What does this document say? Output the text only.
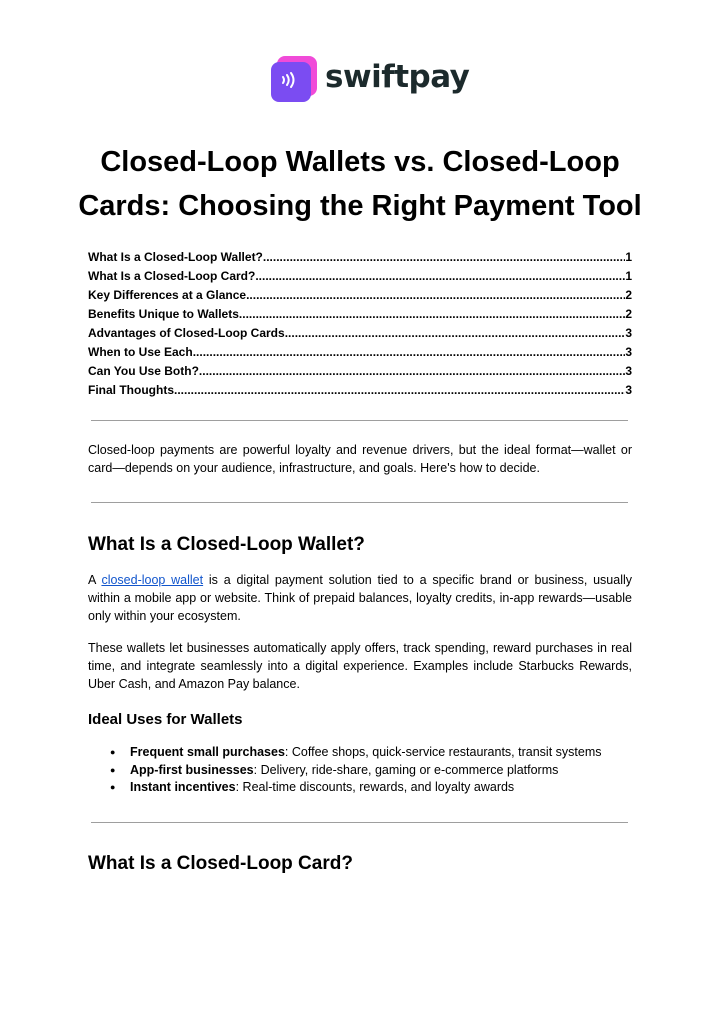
swiftpay
Closed-Loop Wallets vs. Closed-Loop Cards: Choosing the Right Payment Tool
What Is a Closed-Loop Wallet? .....	1
What Is a Closed-Loop Card? .....	1
Key Differences at a Glance .....	2
Benefits Unique to Wallets .....	2
Advantages of Closed-Loop Cards .....	3
When to Use Each .....	3
Can You Use Both? .....	3
Final Thoughts .....	3

Closed-loop payments are powerful loyalty and revenue drivers, but the ideal format—wallet or card—depends on your audience, infrastructure, and goals. Here's how to decide.

What Is a Closed-Loop Wallet?

A closed-loop wallet is a digital payment solution tied to a specific brand or business, usually within a mobile app or website. Think of prepaid balances, loyalty credits, in-app rewards—usable only within your ecosystem.

These wallets let businesses automatically apply offers, track spending, reward purchases in real time, and integrate seamlessly into a digital experience. Examples include Starbucks Rewards, Uber Cash, and Amazon Pay balance.

Ideal Uses for Wallets
● Frequent small purchases: Coffee shops, quick-service restaurants, transit systems
● App-first businesses: Delivery, ride-share, gaming or e-commerce platforms
● Instant incentives: Real-time discounts, rewards, and loyalty awards
What Is a Closed-Loop Card?
